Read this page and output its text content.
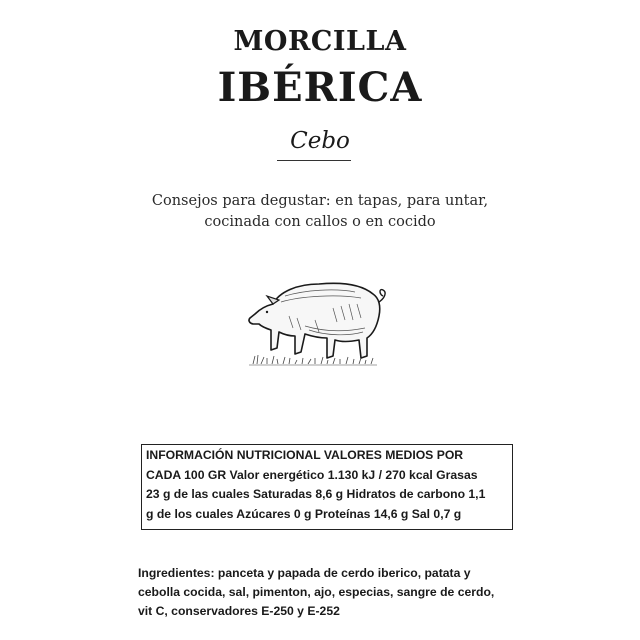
MORCILLA
IBÉRICA
Cebo
Consejos para degustar: en tapas, para untar,
cocinada con callos o en cocido
INFORMACIÓN NUTRICIONAL VALORES MEDIOS POR
CADA 100 GR Valor energético 1.130 kJ / 270 kcal Grasas
23 g de las cuales Saturadas 8,6 g Hidratos de carbono 1,1
g de los cuales Azúcares 0 g Proteínas 14,6 g Sal 0,7 g
Ingredientes: panceta y papada de cerdo iberico, patata y
cebolla cocida, sal, pimenton, ajo, especias, sangre de cerdo,
vit C, conservadores E-250 y E-252
